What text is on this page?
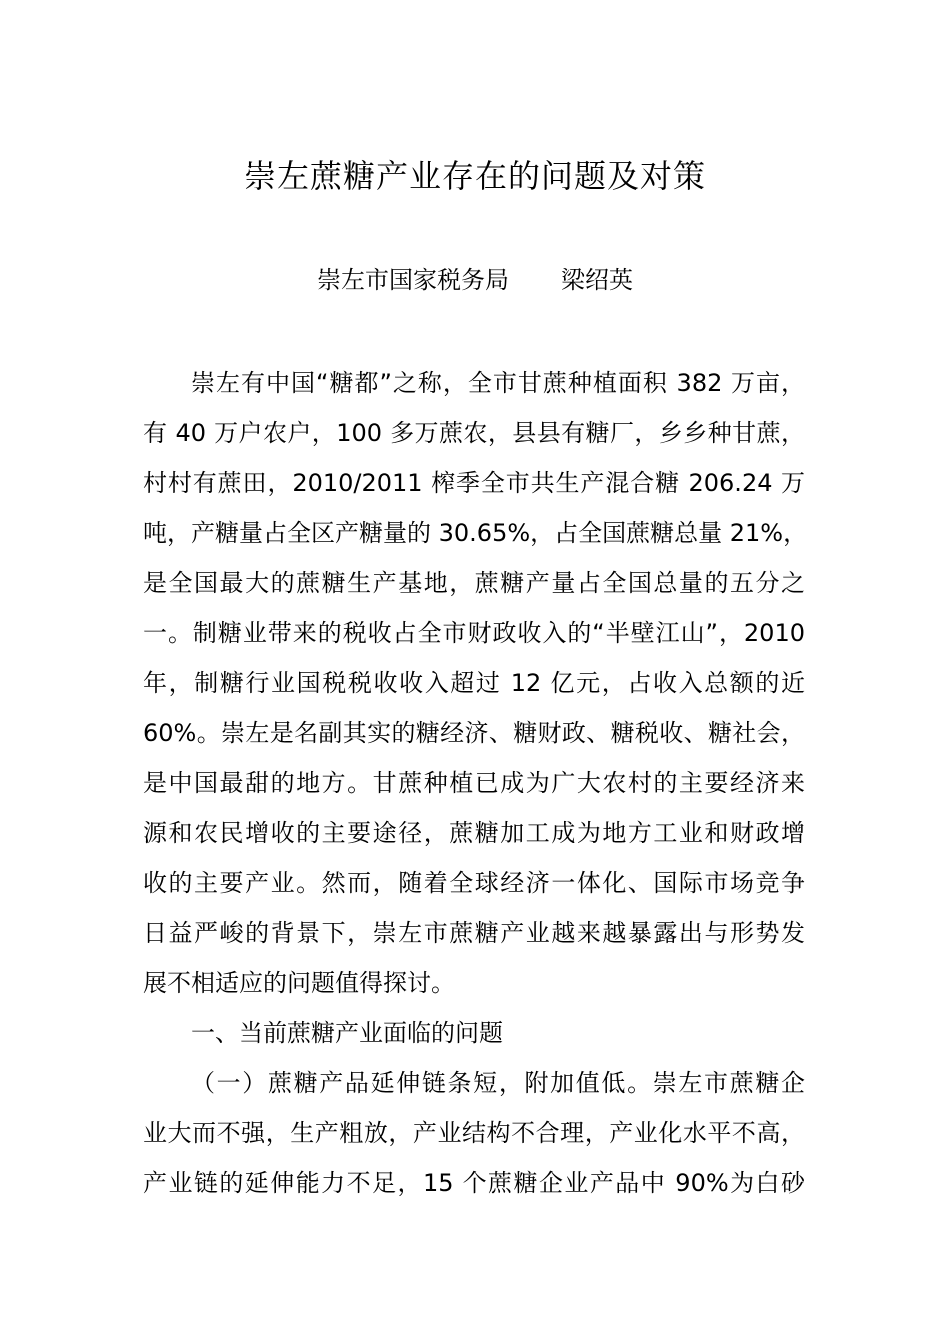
崇左蔗糖产业存在的问题及对策
崇左市国家税务局 梁绍英

崇左有中国“糖都”之称，全市甘蔗种植面积 382 万亩，
有 40 万户农户，100 多万蔗农，县县有糖厂，乡乡种甘蔗，
村村有蔗田，2010/2011 榨季全市共生产混合糖 206.24 万
吨，产糖量占全区产糖量的 30.65%，占全国蔗糖总量 21%，
是全国最大的蔗糖生产基地，蔗糖产量占全国总量的五分之
一。制糖业带来的税收占全市财政收入的“半壁江山”，2010
年，制糖行业国税税收收入超过 12 亿元，占收入总额的近
60%。崇左是名副其实的糖经济、糖财政、糖税收、糖社会，
是中国最甜的地方。甘蔗种植已成为广大农村的主要经济来
源和农民增收的主要途径，蔗糖加工成为地方工业和财政增
收的主要产业。然而，随着全球经济一体化、国际市场竞争
日益严峻的背景下，崇左市蔗糖产业越来越暴露出与形势发
展不相适应的问题值得探讨。

一、当前蔗糖产业面临的问题

（一）蔗糖产品延伸链条短，附加值低。崇左市蔗糖企
业大而不强，生产粗放，产业结构不合理，产业化水平不高，
产业链的延伸能力不足，15 个蔗糖企业产品中 90%为白砂
